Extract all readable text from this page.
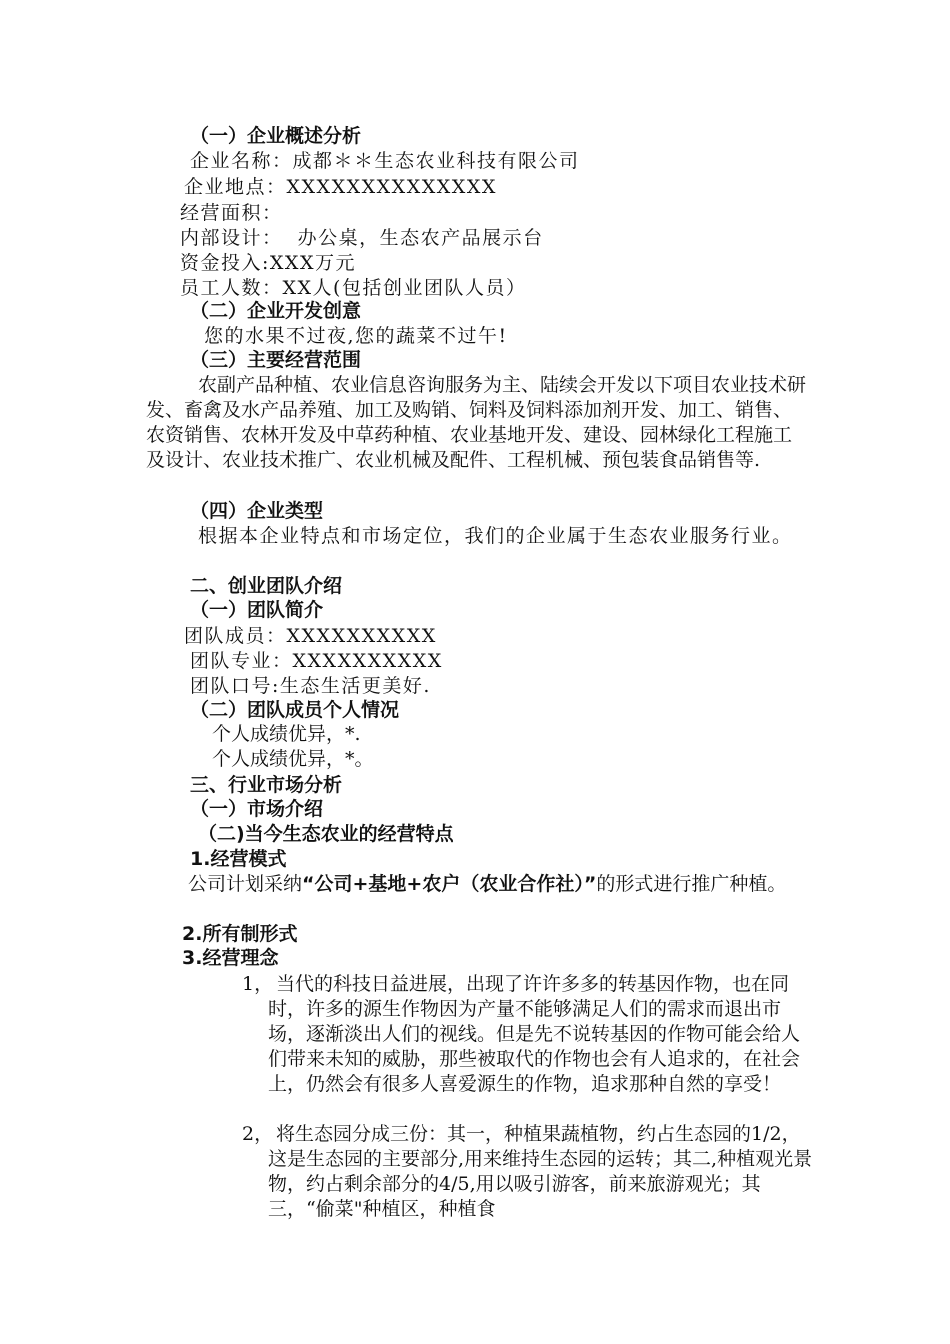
（一）企业概述分析
企业名称：成都＊＊生态农业科技有限公司
企业地点：XXXXXXXXXXXXXX
经营面积：
内部设计：  办公桌，生态农产品展示台
资金投入:XXX万元
员工人数：XX人(包括创业团队人员）
（二）企业开发创意
您的水果不过夜,您的蔬菜不过午!
（三）主要经营范围
农副产品种植、农业信息咨询服务为主、陆续会开发以下项目农业技术研发、畜禽及水产品养殖、加工及购销、饲料及饲料添加剂开发、加工、销售、农资销售、农林开发及中草药种植、农业基地开发、建设、园林绿化工程施工及设计、农业技术推广、农业机械及配件、工程机械、预包装食品销售等.
（四）企业类型
根据本企业特点和市场定位，我们的企业属于生态农业服务行业。
二、创业团队介绍
（一）团队简介
团队成员：XXXXXXXXXX
团队专业：XXXXXXXXXX
团队口号:生态生活更美好.
（二）团队成员个人情况
个人成绩优异，*.
个人成绩优异，*。
三、行业市场分析
（一）市场介绍
（二)当今生态农业的经营特点
1.经营模式
公司计划采纳“公司+基地+农户（农业合作社）”的形式进行推广种植。
2.所有制形式
3.经营理念
1， 当代的科技日益进展，出现了许许多多的转基因作物，也在同时，许多的源生作物因为产量不能够满足人们的需求而退出市场，逐渐淡出人们的视线。但是先不说转基因的作物可能会给人们带来未知的威胁，那些被取代的作物也会有人追求的，在社会上，仍然会有很多人喜爱源生的作物，追求那种自然的享受！
2， 将生态园分成三份：其一，种植果蔬植物，约占生态园的1/2，这是生态园的主要部分,用来维持生态园的运转；其二,种植观光景物，约占剩余部分的4/5,用以吸引游客，前来旅游观光；其三，“偷菜"种植区，种植食
